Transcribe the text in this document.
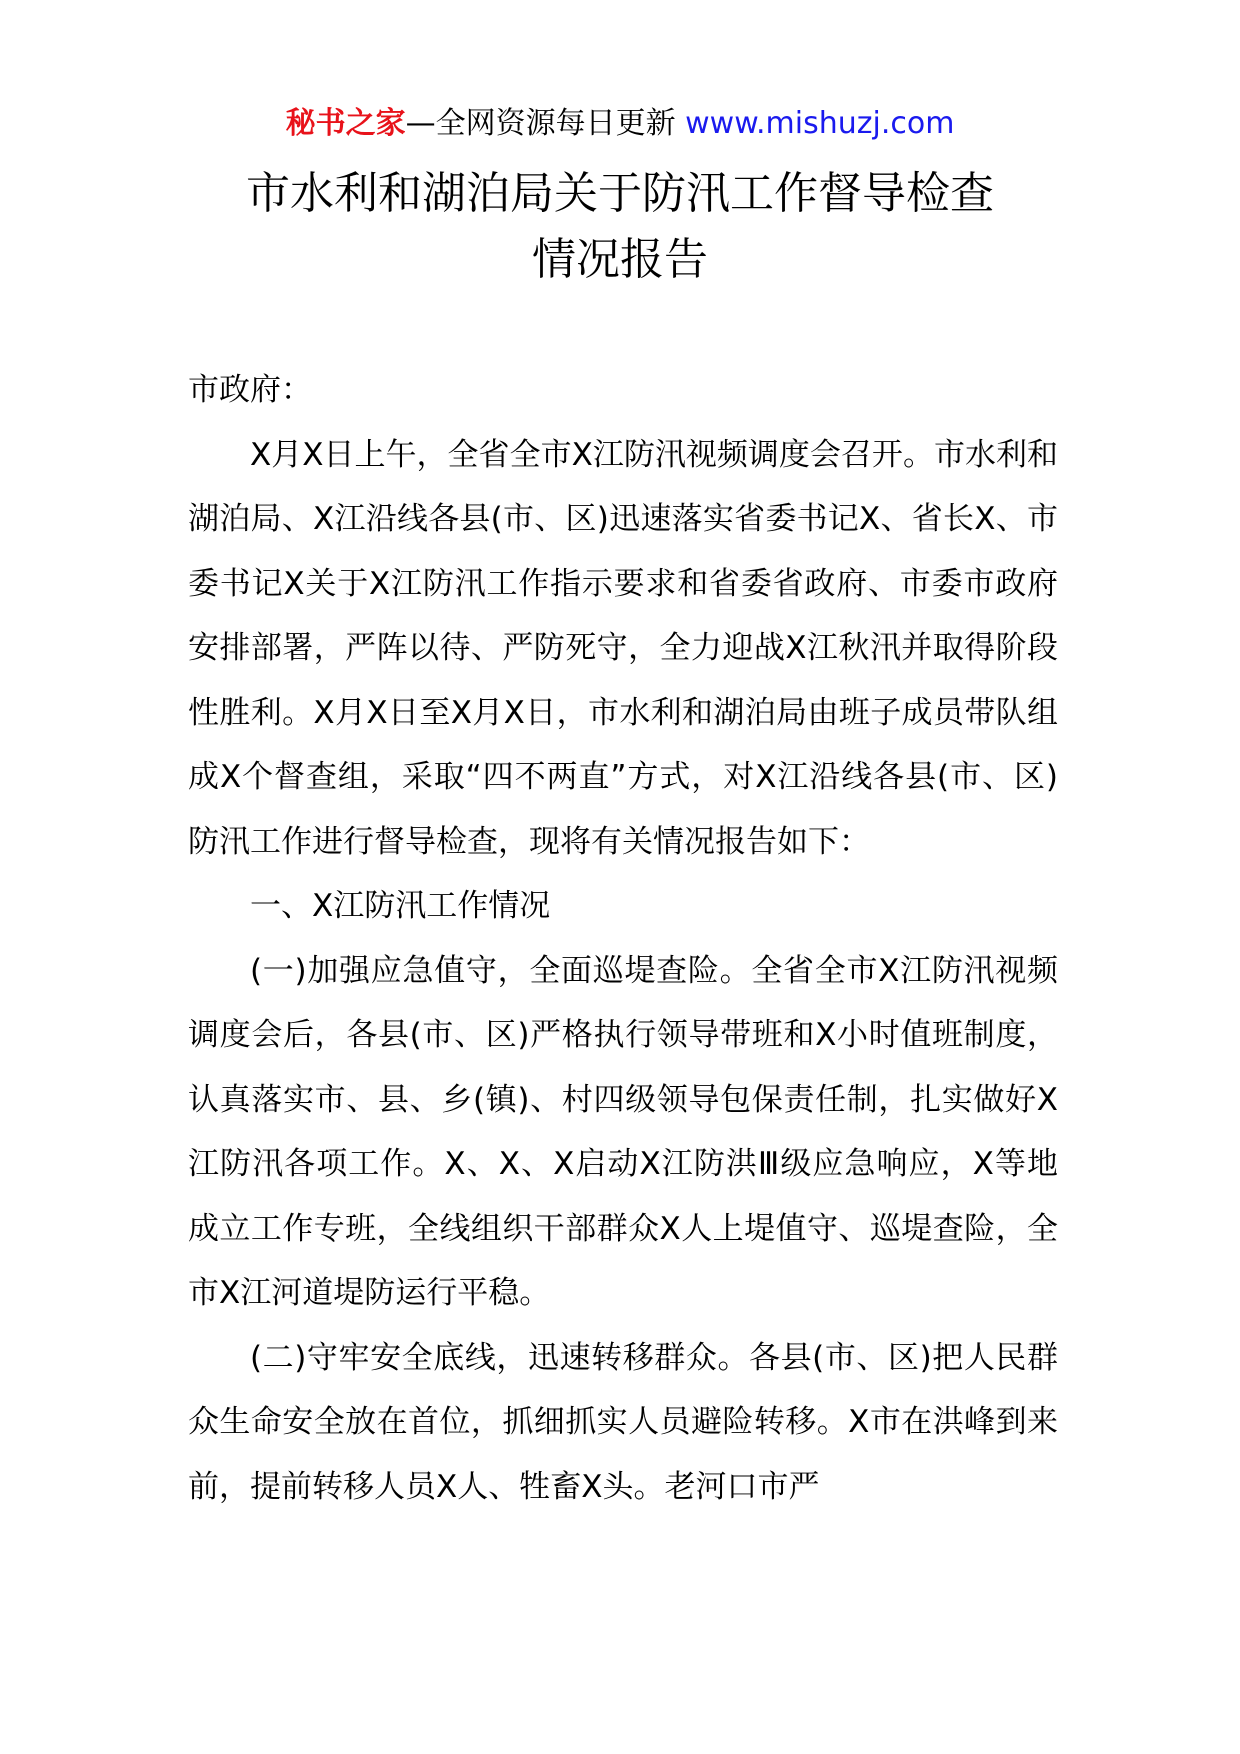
秘书之家—全网资源每日更新 www.mishuzj.com
市水利和湖泊局关于防汛工作督导检查
情况报告

市政府：

X月X日上午，全省全市X江防汛视频调度会召开。市水利和湖泊局、X江沿线各县(市、区)迅速落实省委书记X、省长X、市委书记X关于X江防汛工作指示要求和省委省政府、市委市政府安排部署，严阵以待、严防死守，全力迎战X江秋汛并取得阶段性胜利。X月X日至X月X日，市水利和湖泊局由班子成员带队组成X个督查组，采取“四不两直”方式，对X江沿线各县(市、区)防汛工作进行督导检查，现将有关情况报告如下：

一、X江防汛工作情况

(一)加强应急值守，全面巡堤查险。全省全市X江防汛视频调度会后，各县(市、区)严格执行领导带班和X小时值班制度，认真落实市、县、乡(镇)、村四级领导包保责任制，扎实做好X江防汛各项工作。X、X、X启动X江防洪Ⅲ级应急响应，X等地成立工作专班，全线组织干部群众X人上堤值守、巡堤查险，全市X江河道堤防运行平稳。

(二)守牢安全底线，迅速转移群众。各县(市、区)把人民群众生命安全放在首位，抓细抓实人员避险转移。X市在洪峰到来前，提前转移人员X人、牲畜X头。老河口市严
